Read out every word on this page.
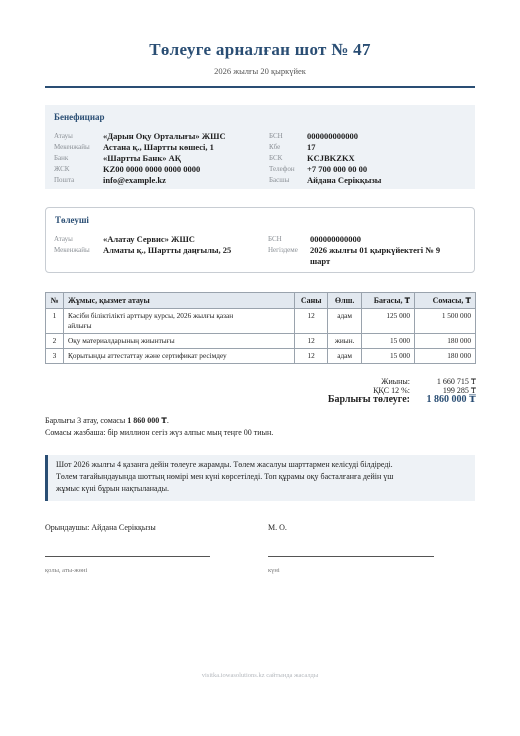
Төлеуге арналған шот № 47
2026 жылғы 20 қыркүйек
Бенефициар
Атауы	«Дарын Оқу Орталығы» ЖШС
Мекенжайы Астана қ., Шартты көшесі, 1
Банк	«Шартты Банк» АҚ
ЖСК	KZ00 0000 0000 0000 0000
Пошта	info@example.kz
БСН	000000000000
Кбе	17
БСК	KCJBKZKX
Телефон +7 700 000 00 00
Басшы Айдана Серікқызы
Төлеуші
Атауы	«Алатау Сервис» ЖШС
Мекенжайы Алматы қ., Шартты даңғылы, 25
БСН	000000000000
Негіздеме 2026 жылғы 01 қыркүйектегі № 9
шарт
№	Жұмыс, қызмет атауы	Саны	Өлш.	Бағасы, ₸	Сомасы, ₸
1	Кәсіби біліктілікті арттыру курсы, 2026 жылғы қазан
айлығы	12	адам	125 000	1 500 000
2	Оқу материалдарының жиынтығы	12	жиын.	15 000	180 000
3	Қорытынды аттестаттау және сертификат ресімдеу	12	адам	15 000	180 000
Жиыны:	1 660 715 ₸
ҚҚС 12 %:	199 285 ₸
Барлығы төлеуге: 1 860 000 ₸
Барлығы 3 атау, сомасы 1 860 000 ₸.
Сомасы жазбаша: бір миллион сегіз жүз алпыс мың теңге 00 тиын.
Шот 2026 жылғы 4 қазанға дейін төлеуге жарамды. Төлем жасалуы шарттармен келісуді білдіреді.
Төлем тағайындауында шоттың нөмірі мен күні көрсетіледі. Топ құрамы оқу басталғанға дейін үш
жұмыс күні бұрын нақтыланады.
Орындаушы: Айдана Серікқызы	М. О.
қолы, аты-жөні	күні
visitka.iowasolutions.kz сайтында жасалды
